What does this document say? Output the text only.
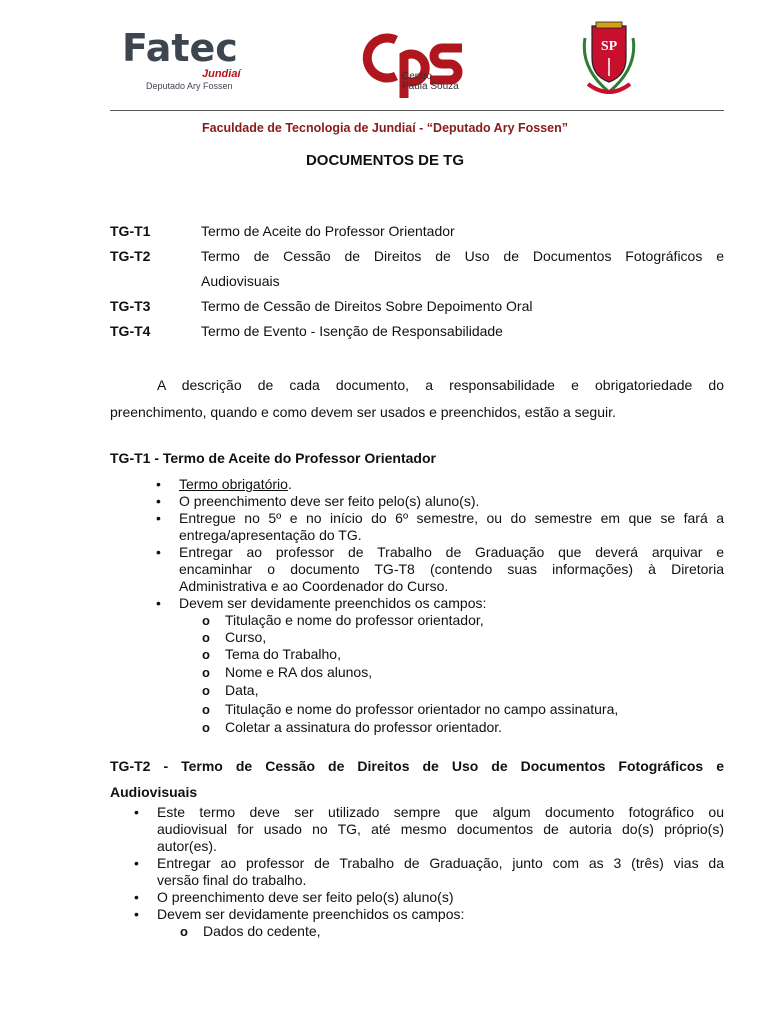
Fatec
Jundiaí
Deputado Ary Fossen
Centro
Paula Souza
SP
Faculdade de Tecnologia de Jundiaí - “Deputado Ary Fossen”
DOCUMENTOS DE TG
TG-T1	Termo de Aceite do Professor Orientador
TG-T2	Termo de Cessão de Direitos de Uso de Documentos Fotográficos e
Audiovisuais
TG-T3	Termo de Cessão de Direitos Sobre Depoimento Oral
TG-T4	Termo de Evento - Isenção de Responsabilidade
A descrição de cada documento, a responsabilidade e obrigatoriedade do
preenchimento, quando e como devem ser usados e preenchidos, estão a seguir.
TG-T1 - Termo de Aceite do Professor Orientador
• Termo obrigatório.
• O preenchimento deve ser feito pelo(s) aluno(s).
• Entregue no 5º e no início do 6º semestre, ou do semestre em que se fará a
entrega/apresentação do TG.
• Entregar ao professor de Trabalho de Graduação que deverá arquivar e
encaminhar o documento TG-T8 (contendo suas informações) à Diretoria
Administrativa e ao Coordenador do Curso.
• Devem ser devidamente preenchidos os campos:
o Titulação e nome do professor orientador,
o Curso,
o Tema do Trabalho,
o Nome e RA dos alunos,
o Data,
o Titulação e nome do professor orientador no campo assinatura,
o Coletar a assinatura do professor orientador.
TG-T2 - Termo de Cessão de Direitos de Uso de Documentos Fotográficos e
Audiovisuais
• Este termo deve ser utilizado sempre que algum documento fotográfico ou
audiovisual for usado no TG, até mesmo documentos de autoria do(s) próprio(s)
autor(es).
• Entregar ao professor de Trabalho de Graduação, junto com as 3 (três) vias da
versão final do trabalho.
• O preenchimento deve ser feito pelo(s) aluno(s)
• Devem ser devidamente preenchidos os campos:
o Dados do cedente,
